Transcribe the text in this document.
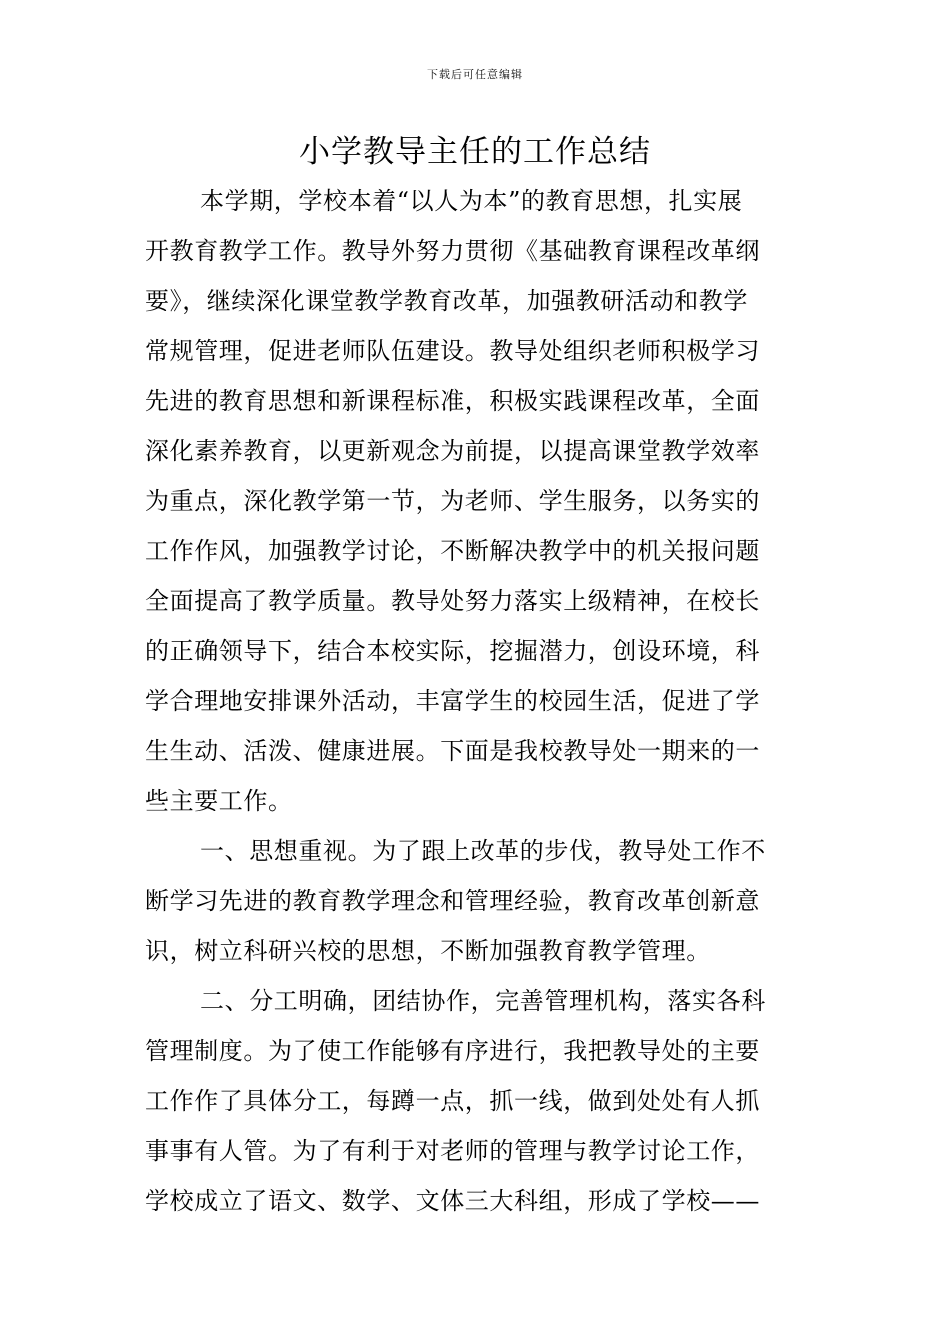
下载后可任意编辑
小学教导主任的工作总结
本学期，学校本着“以人为本”的教育思想，扎实展
开教育教学工作。教导外努力贯彻《基础教育课程改革纲
要》，继续深化课堂教学教育改革，加强教研活动和教学
常规管理，促进老师队伍建设。教导处组织老师积极学习
先进的教育思想和新课程标准，积极实践课程改革，全面
深化素养教育，以更新观念为前提，以提高课堂教学效率
为重点，深化教学第一节，为老师、学生服务，以务实的
工作作风，加强教学讨论，不断解决教学中的机关报问题
全面提高了教学质量。教导处努力落实上级精神，在校长
的正确领导下，结合本校实际，挖掘潜力，创设环境，科
学合理地安排课外活动，丰富学生的校园生活，促进了学
生生动、活泼、健康进展。下面是我校教导处一期来的一
些主要工作。
一、思想重视。为了跟上改革的步伐，教导处工作不
断学习先进的教育教学理念和管理经验，教育改革创新意
识，树立科研兴校的思想，不断加强教育教学管理。
二、分工明确，团结协作，完善管理机构，落实各科
管理制度。为了使工作能够有序进行，我把教导处的主要
工作作了具体分工，每蹲一点，抓一线，做到处处有人抓
事事有人管。为了有利于对老师的管理与教学讨论工作，
学校成立了语文、数学、文体三大科组，形成了学校——
